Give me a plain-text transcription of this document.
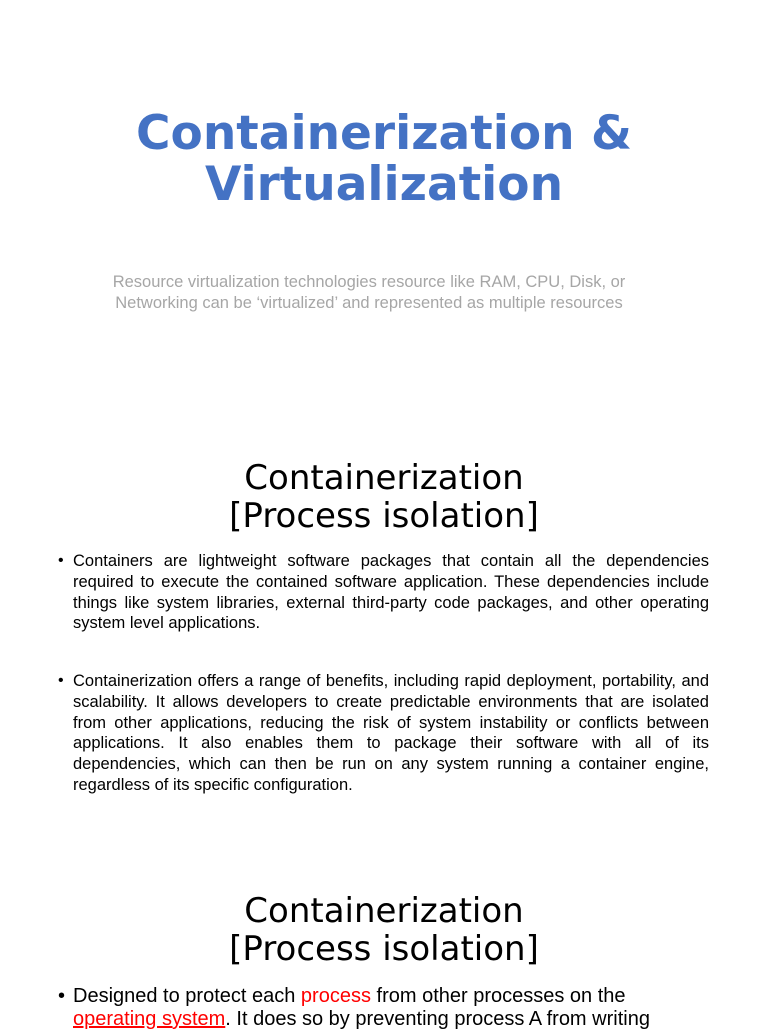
Containerization &
Virtualization

Resource virtualization technologies resource like RAM, CPU, Disk, or
Networking can be ‘virtualized’ and represented as multiple resources

Containerization
[Process isolation]
• Containers are lightweight software packages that contain all the dependencies required to execute the contained software application. These dependencies include things like system libraries, external third-party code packages, and other operating system level applications.
• Containerization offers a range of benefits, including rapid deployment, portability, and scalability. It allows developers to create predictable environments that are isolated from other applications, reducing the risk of system instability or conflicts between applications. It also enables them to package their software with all of its dependencies, which can then be run on any system running a container engine, regardless of its specific configuration.
Containerization
[Process isolation]
• Designed to protect each process from other processes on the operating system. It does so by preventing process A from writing
